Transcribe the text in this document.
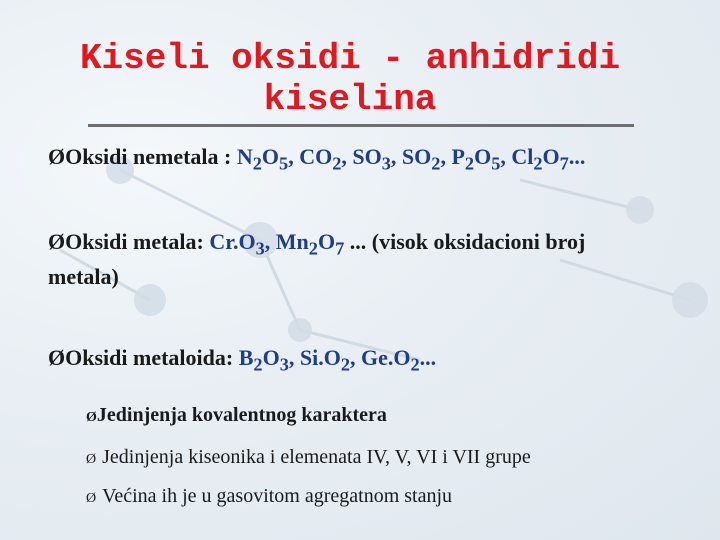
Kiseli oksidi - anhidridi kiselina
ØOksidi nemetala : $N_2O_5$, $CO_2$, $SO_3$, $SO_2$, $P_2O_5$, $Cl_2O_7$...
ØOksidi metala: $Cr.O_3$, $Mn_2O_7$ ... (visok oksidacioni broj
metala)
ØOksidi metaloida: $B_2O_3$, $Si.O_2$, $Ge.O_2$...
ØJedinjenja kovalentnog karaktera
Ø Jedinjenja kiseonika i elemenata IV, V, VI i VII grupe
Ø Većina ih je u gasovitom agregatnom stanju
